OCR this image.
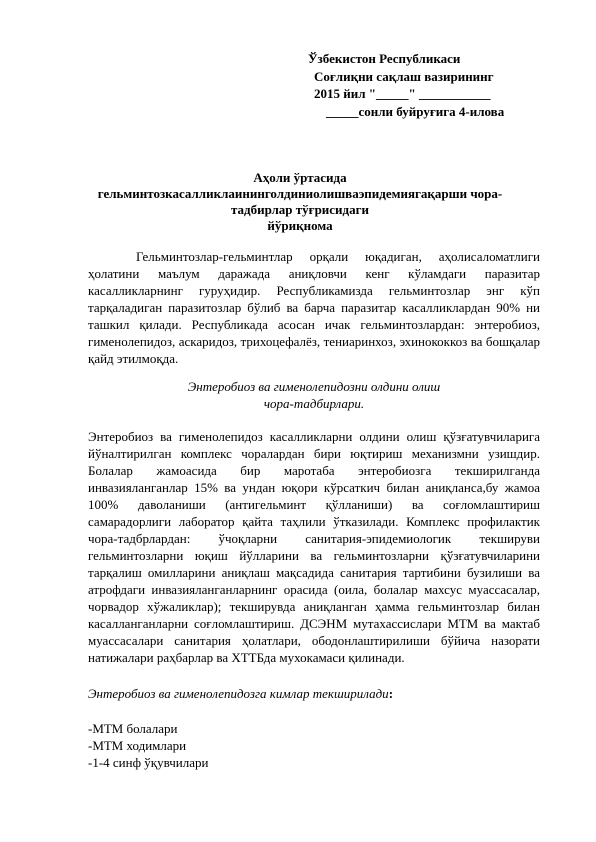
Ўзбекистон Республикаси
Соғлиқни сақлаш вазирининг
2015 йил "_____" ___________
_____сонли буйруғига 4-илова
Аҳоли ўртасида
гельминтозкасалликлаининголдиниолишваэпидемиягақарши чора-
тадбирлар тўғрисидаги
йўриқнома
Гельминтозлар-гельминтлар орқали юқадиган, аҳолисаломатлиги ҳолатини маълум даражада аниқловчи кенг кўламдаги паразитар касалликларнинг гуруҳидир. Республикамизда гельминтозлар энг кўп тарқаладиган паразитозлар бўлиб ва барча паразитар касалликлардан 90% ни ташкил қилади. Республикада асосан ичак гельминтозлардан: энтеробиоз, гименолепидоз, аскаридоз, трихоцефалёз, тениаринхоз, эхинококкоз ва бошқалар қайд этилмоқда.
Энтеробиоз ва гименолепидозни олдини олиш
чора-тадбирлари.
Энтеробиоз ва гименолепидоз касалликларни олдини олиш қўзғатувчиларига йўналтирилган комплекс чоралардан бири юқтириш механизмни узишдир. Болалар жамоасида бир маротаба энтеробиозга текширилганда инвазияланганлар 15% ва ундан юқори кўрсаткич билан аниқланса,бу жамоа 100% даволаниши (антигельминт қўлланиши) ва соғломлаштириш самарадорлиги лаборатор қайта таҳлили ўтказилади. Комплекс профилактик чора-тадбрлардан: ўчоқларни санитария-эпидемиологик текшируви гельминтозларни юқиш йўлларини ва гельминтозларни қўзғатувчиларини тарқалиш омилларини аниқлаш мақсадида санитария тартибини бузилиши ва атрофдаги инвазияланганларнинг орасида (оила, болалар махсус муассасалар, чорвадор хўжаликлар); текширувда аниқланган ҳамма гельминтозлар билан касалланганларни соғломлаштириш. ДСЭНМ мутахассислари МТМ ва мактаб муассасалари санитария ҳолатлари, ободонлаштирилиши бўйича назорати натижалари раҳбарлар ва ХТТБда мухокамаси қилинади.
Энтеробиоз ва гименолепидозга кимлар текширилади:
-МТМ болалари
-МТМ ходимлари
-1-4 синф ўқувчилари
